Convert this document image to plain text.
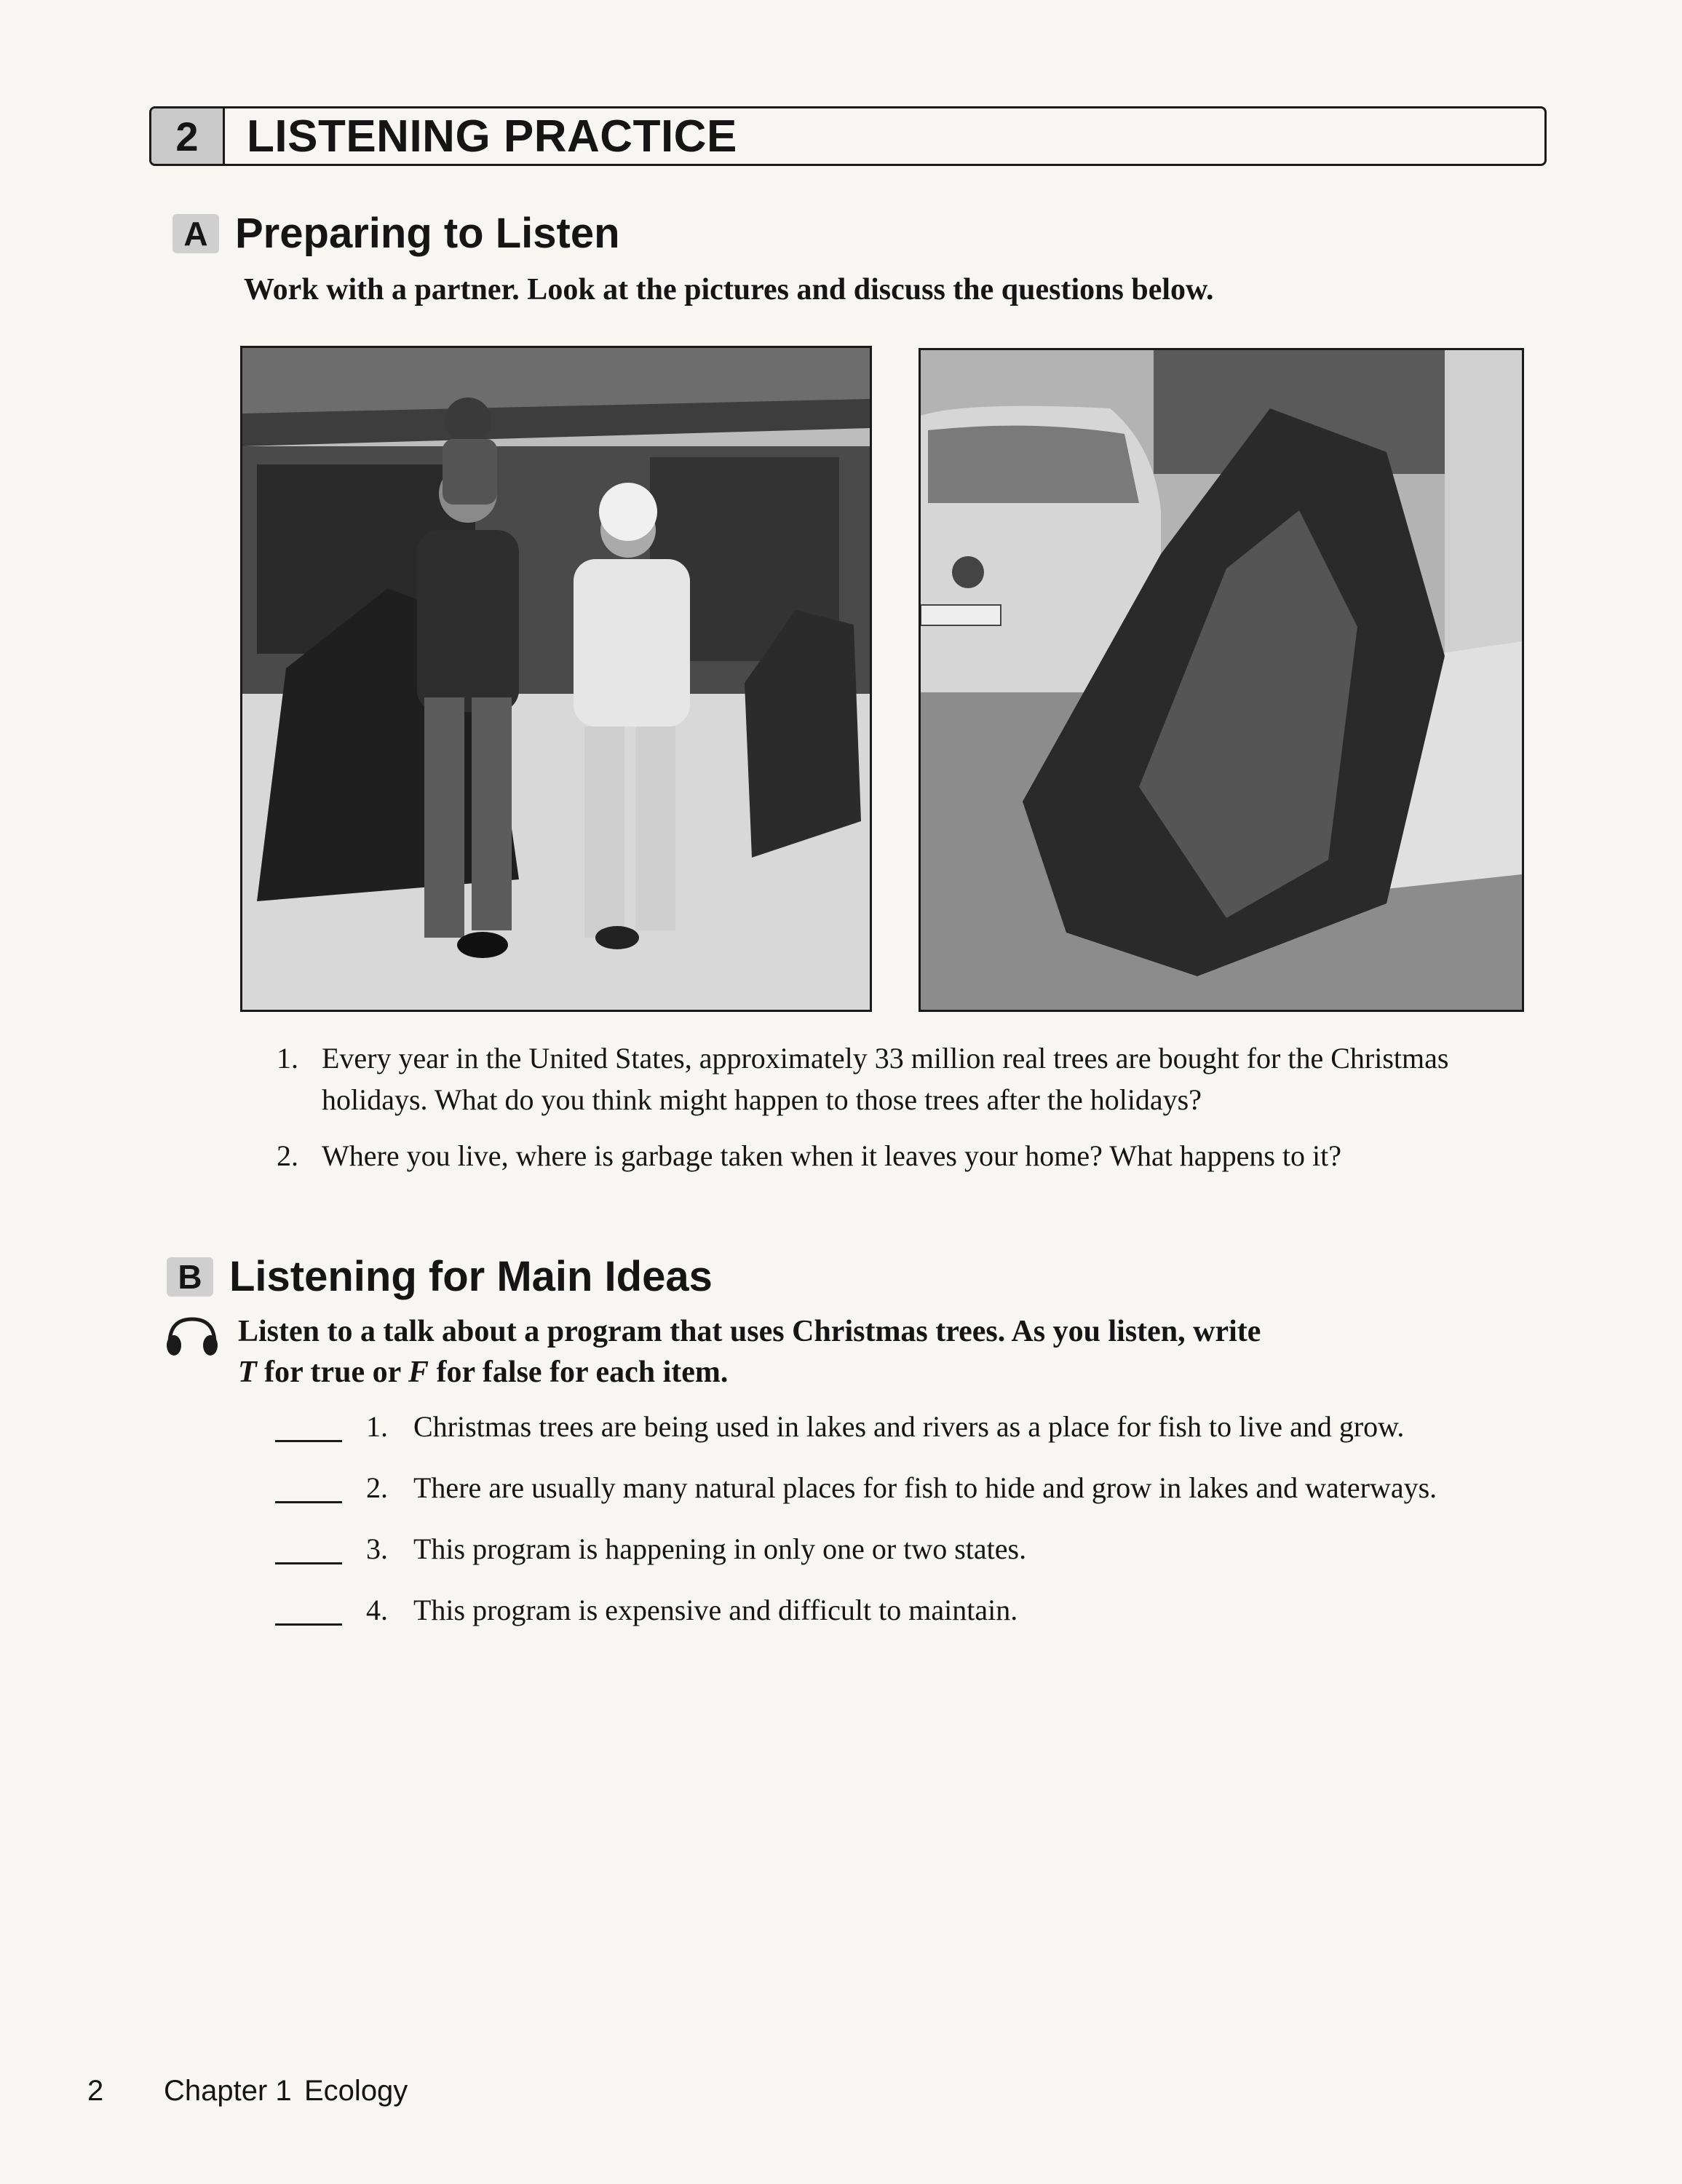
2	LISTENING PRACTICE
A Preparing to Listen
Work with a partner. Look at the pictures and discuss the questions below.
1. Every year in the United States, approximately 33 million real trees are bought for the Christmas holidays. What do you think might happen to those trees after the holidays?
2. Where you live, where is garbage taken when it leaves your home? What happens to it?
B Listening for Main Ideas
Listen to a talk about a program that uses Christmas trees. As you listen, write
T for true or F for false for each item.
1. Christmas trees are being used in lakes and rivers as a place for fish to live and grow.
2. There are usually many natural places for fish to hide and grow in lakes and waterways.
3. This program is happening in only one or two states.
4. This program is expensive and difficult to maintain.
2 Chapter 1 Ecology
